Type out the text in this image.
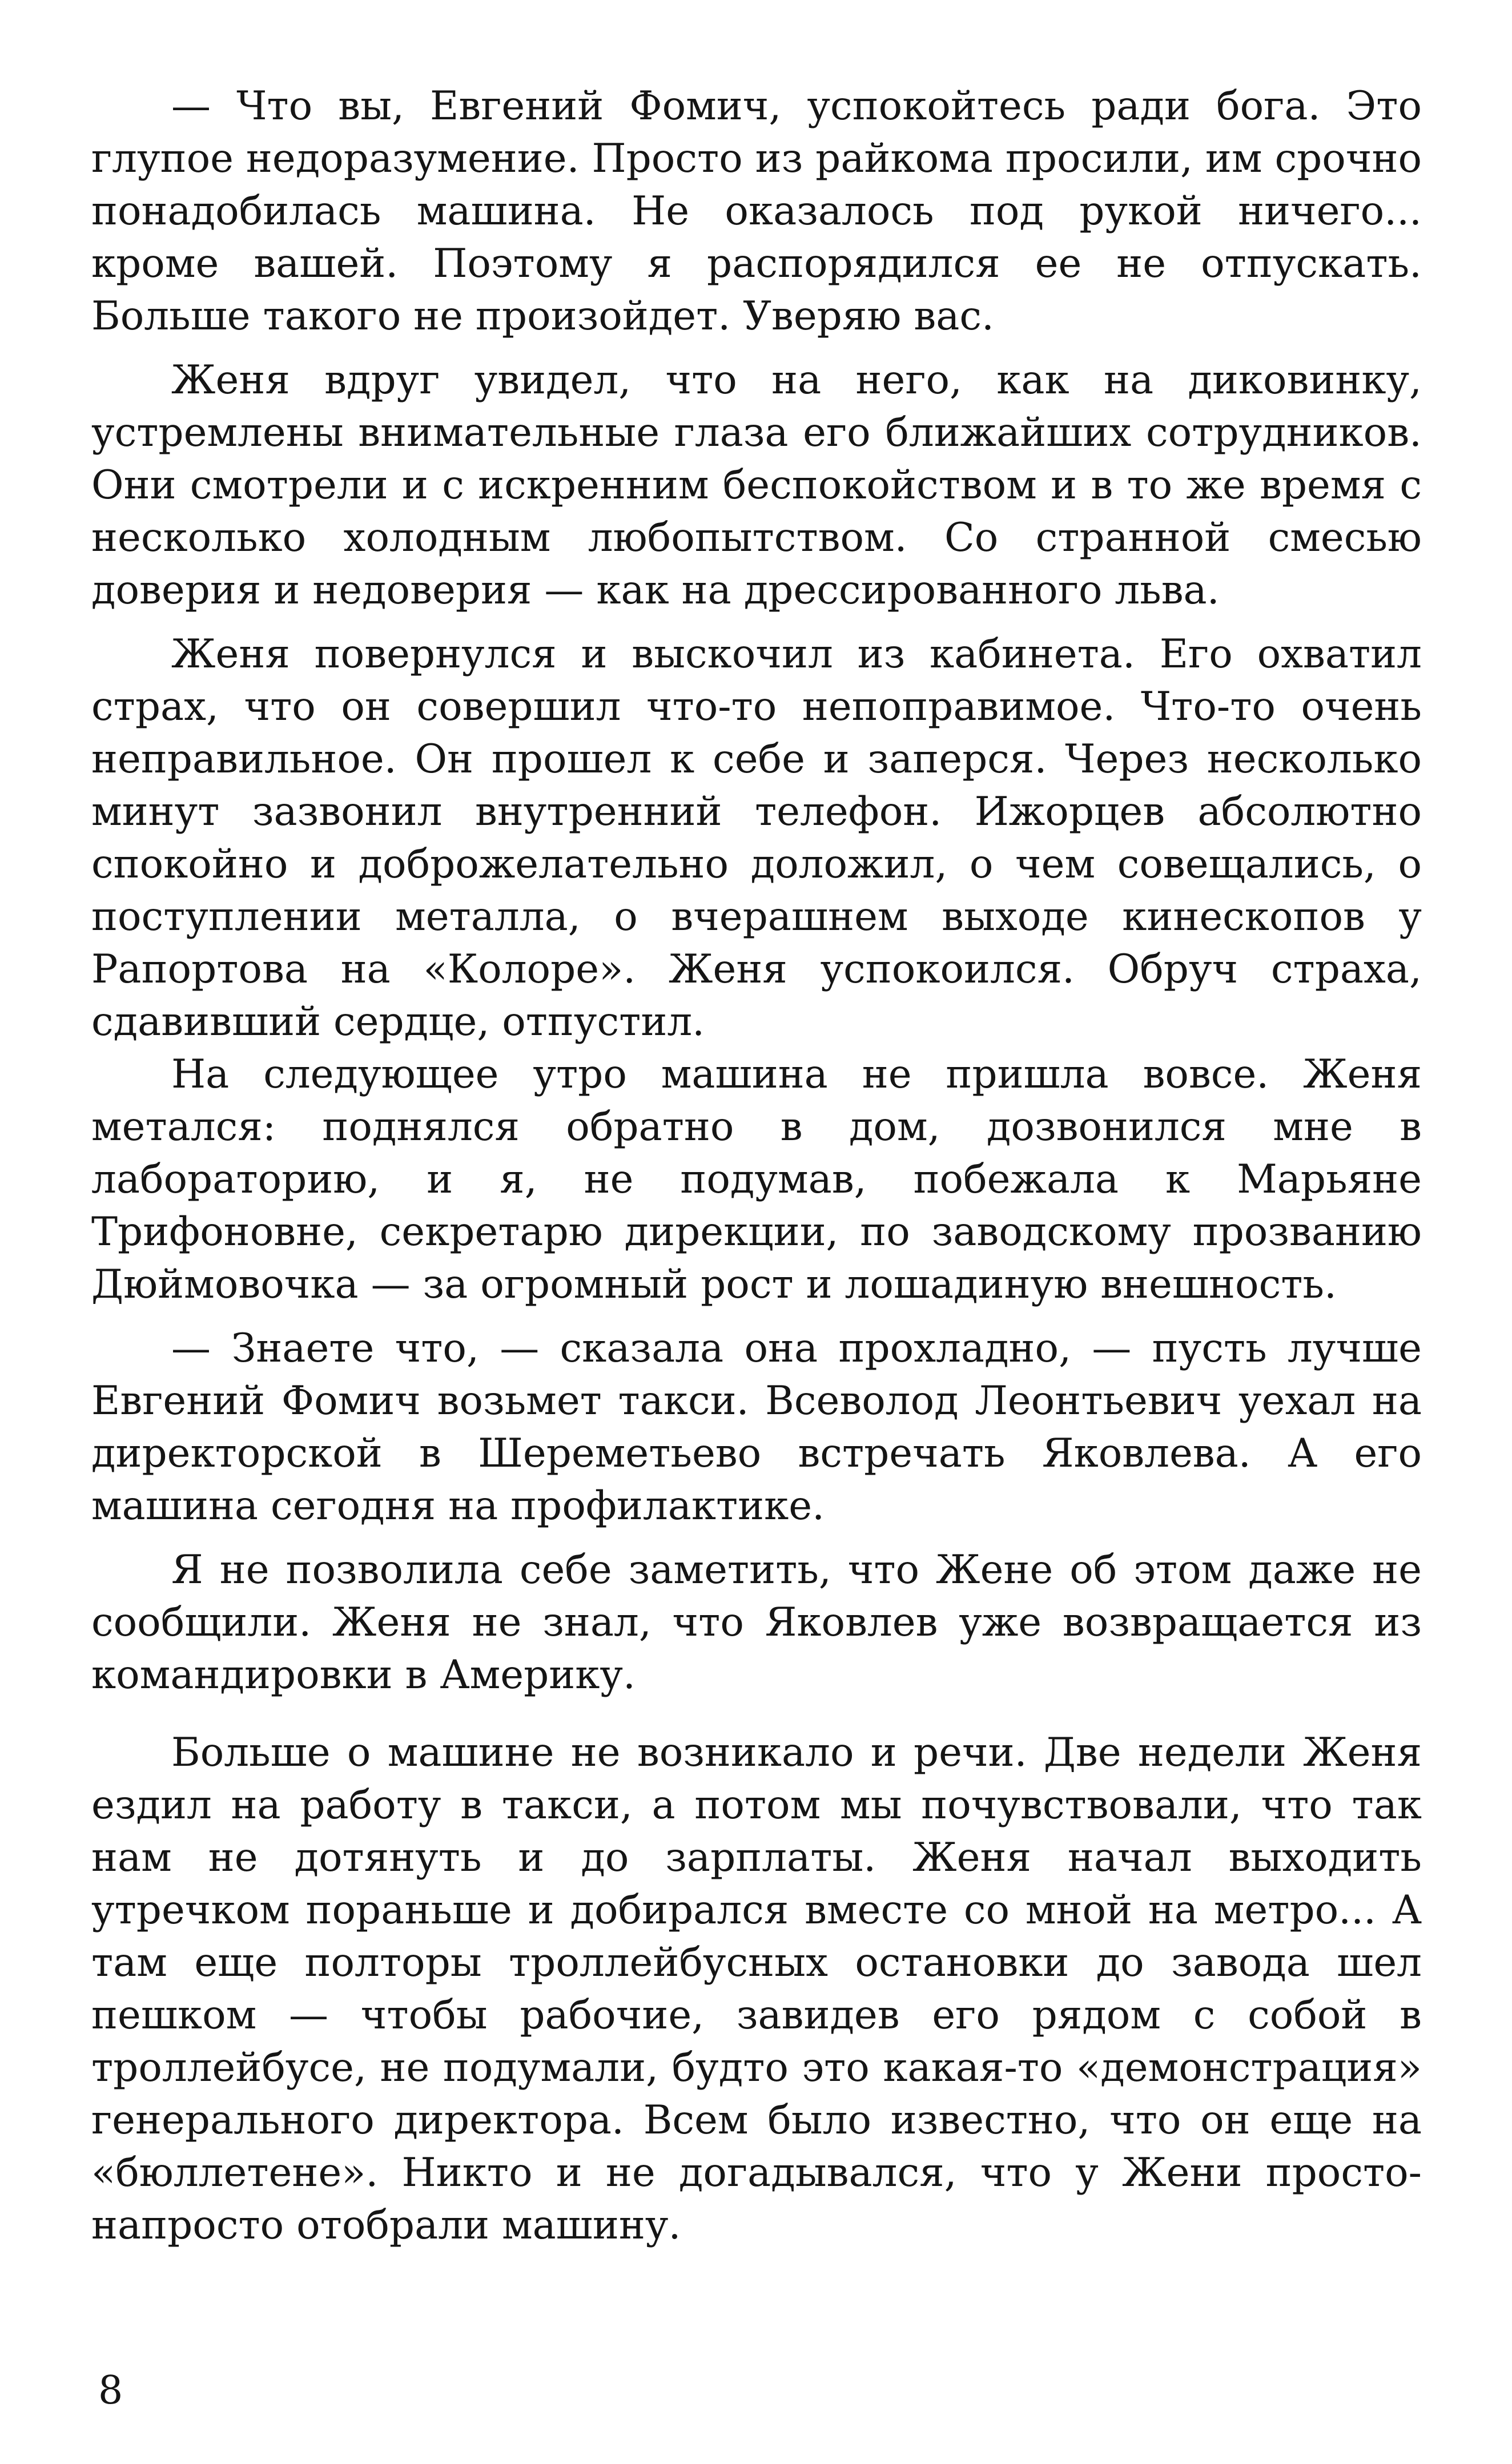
— Что вы, Евгений Фомич, успокойтесь ради бога. Это глупое недоразумение. Просто из райкома просили, им срочно понадобилась машина. Не оказалось под рукой ничего... кроме вашей. Поэтому я распорядился ее не отпускать. Больше такого не произойдет. Уверяю вас.

Женя вдруг увидел, что на него, как на диковинку, устремлены внимательные глаза его ближайших сотрудников. Они смотрели и с искренним беспокойством и в то же время с несколько холодным любопытством. Со странной смесью доверия и недоверия — как на дрессированного льва.

Женя повернулся и выскочил из кабинета. Его охватил страх, что он совершил что-то непоправимое. Что-то очень неправильное. Он прошел к себе и заперся. Через несколько минут зазвонил внутренний телефон. Ижорцев абсолютно спокойно и доброжелательно доложил, о чем совещались, о поступлении металла, о вчерашнем выходе кинескопов у Рапортова на «Колоре». Женя успокоился. Обруч страха, сдавивший сердце, отпустил.

На следующее утро машина не пришла вовсе. Женя метался: поднялся обратно в дом, дозвонился мне в лабораторию, и я, не подумав, побежала к Марьяне Трифоновне, секретарю дирекции, по заводскому прозванию Дюймовочка — за огромный рост и лошадиную внешность.

— Знаете что, — сказала она прохладно, — пусть лучше Евгений Фомич возьмет такси. Всеволод Леонтьевич уехал на директорской в Шереметьево встречать Яковлева. А его машина сегодня на профилактике.

Я не позволила себе заметить, что Жене об этом даже не сообщили. Женя не знал, что Яковлев уже возвращается из командировки в Америку.

Больше о машине не возникало и речи. Две недели Женя ездил на работу в такси, а потом мы почувствовали, что так нам не дотянуть и до зарплаты. Женя начал выходить утречком пораньше и добирался вместе со мной на метро... А там еще полторы троллейбусных остановки до завода шел пешком — чтобы рабочие, завидев его рядом с собой в троллейбусе, не подумали, будто это какая-то «демонстрация» генерального директора. Всем было известно, что он еще на «бюллетене». Никто и не догадывался, что у Жени просто-напросто отобрали машину.

8
